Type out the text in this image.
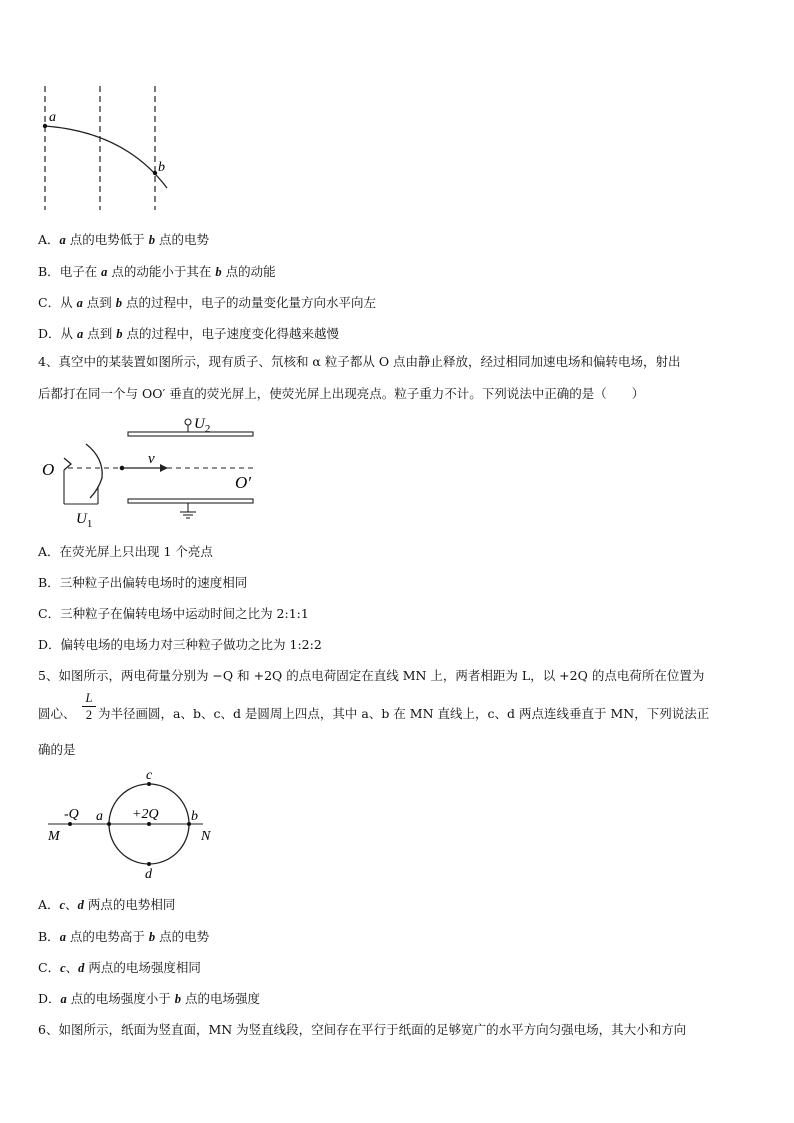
a
b
A．a 点的电势低于 b 点的电势
B．电子在 a 点的动能小于其在 b 点的动能
C．从 a 点到 b 点的过程中，电子的动量变化量方向水平向左
D．从 a 点到 b 点的过程中，电子速度变化得越来越慢
4、真空中的某装置如图所示，现有质子、氘核和 α 粒子都从 O 点由静止释放，经过相同加速电场和偏转电场，射出
后都打在同一个与 OO′ 垂直的荧光屏上，使荧光屏上出现亮点。粒子重力不计。下列说法中正确的是（　　）
$U_2$
O
O′
$U_1$
v
A．在荧光屏上只出现 1 个亮点
B．三种粒子出偏转电场时的速度相同
C．三种粒子在偏转电场中运动时间之比为 2:1:1
D．偏转电场的电场力对三种粒子做功之比为 1:2:2
5、如图所示，两电荷量分别为 −Q 和 +2Q 的点电荷固定在直线 MN 上，两者相距为 L，以 +2Q 的点电荷所在位置为
圆心、
L
2 为半径画圆，a、b、c、d 是圆周上四点，其中 a、b 在 MN 直线上，c、d 两点连线垂直于 MN，下列说法正
确的是
-Q	+2Q
M	N
a	b
c
d
A．c、d 两点的电势相同
B．a 点的电势高于 b 点的电势
C．c、d 两点的电场强度相同
D．a 点的电场强度小于 b 点的电场强度
6、如图所示，纸面为竖直面，MN 为竖直线段，空间存在平行于纸面的足够宽广的水平方向匀强电场，其大小和方向
